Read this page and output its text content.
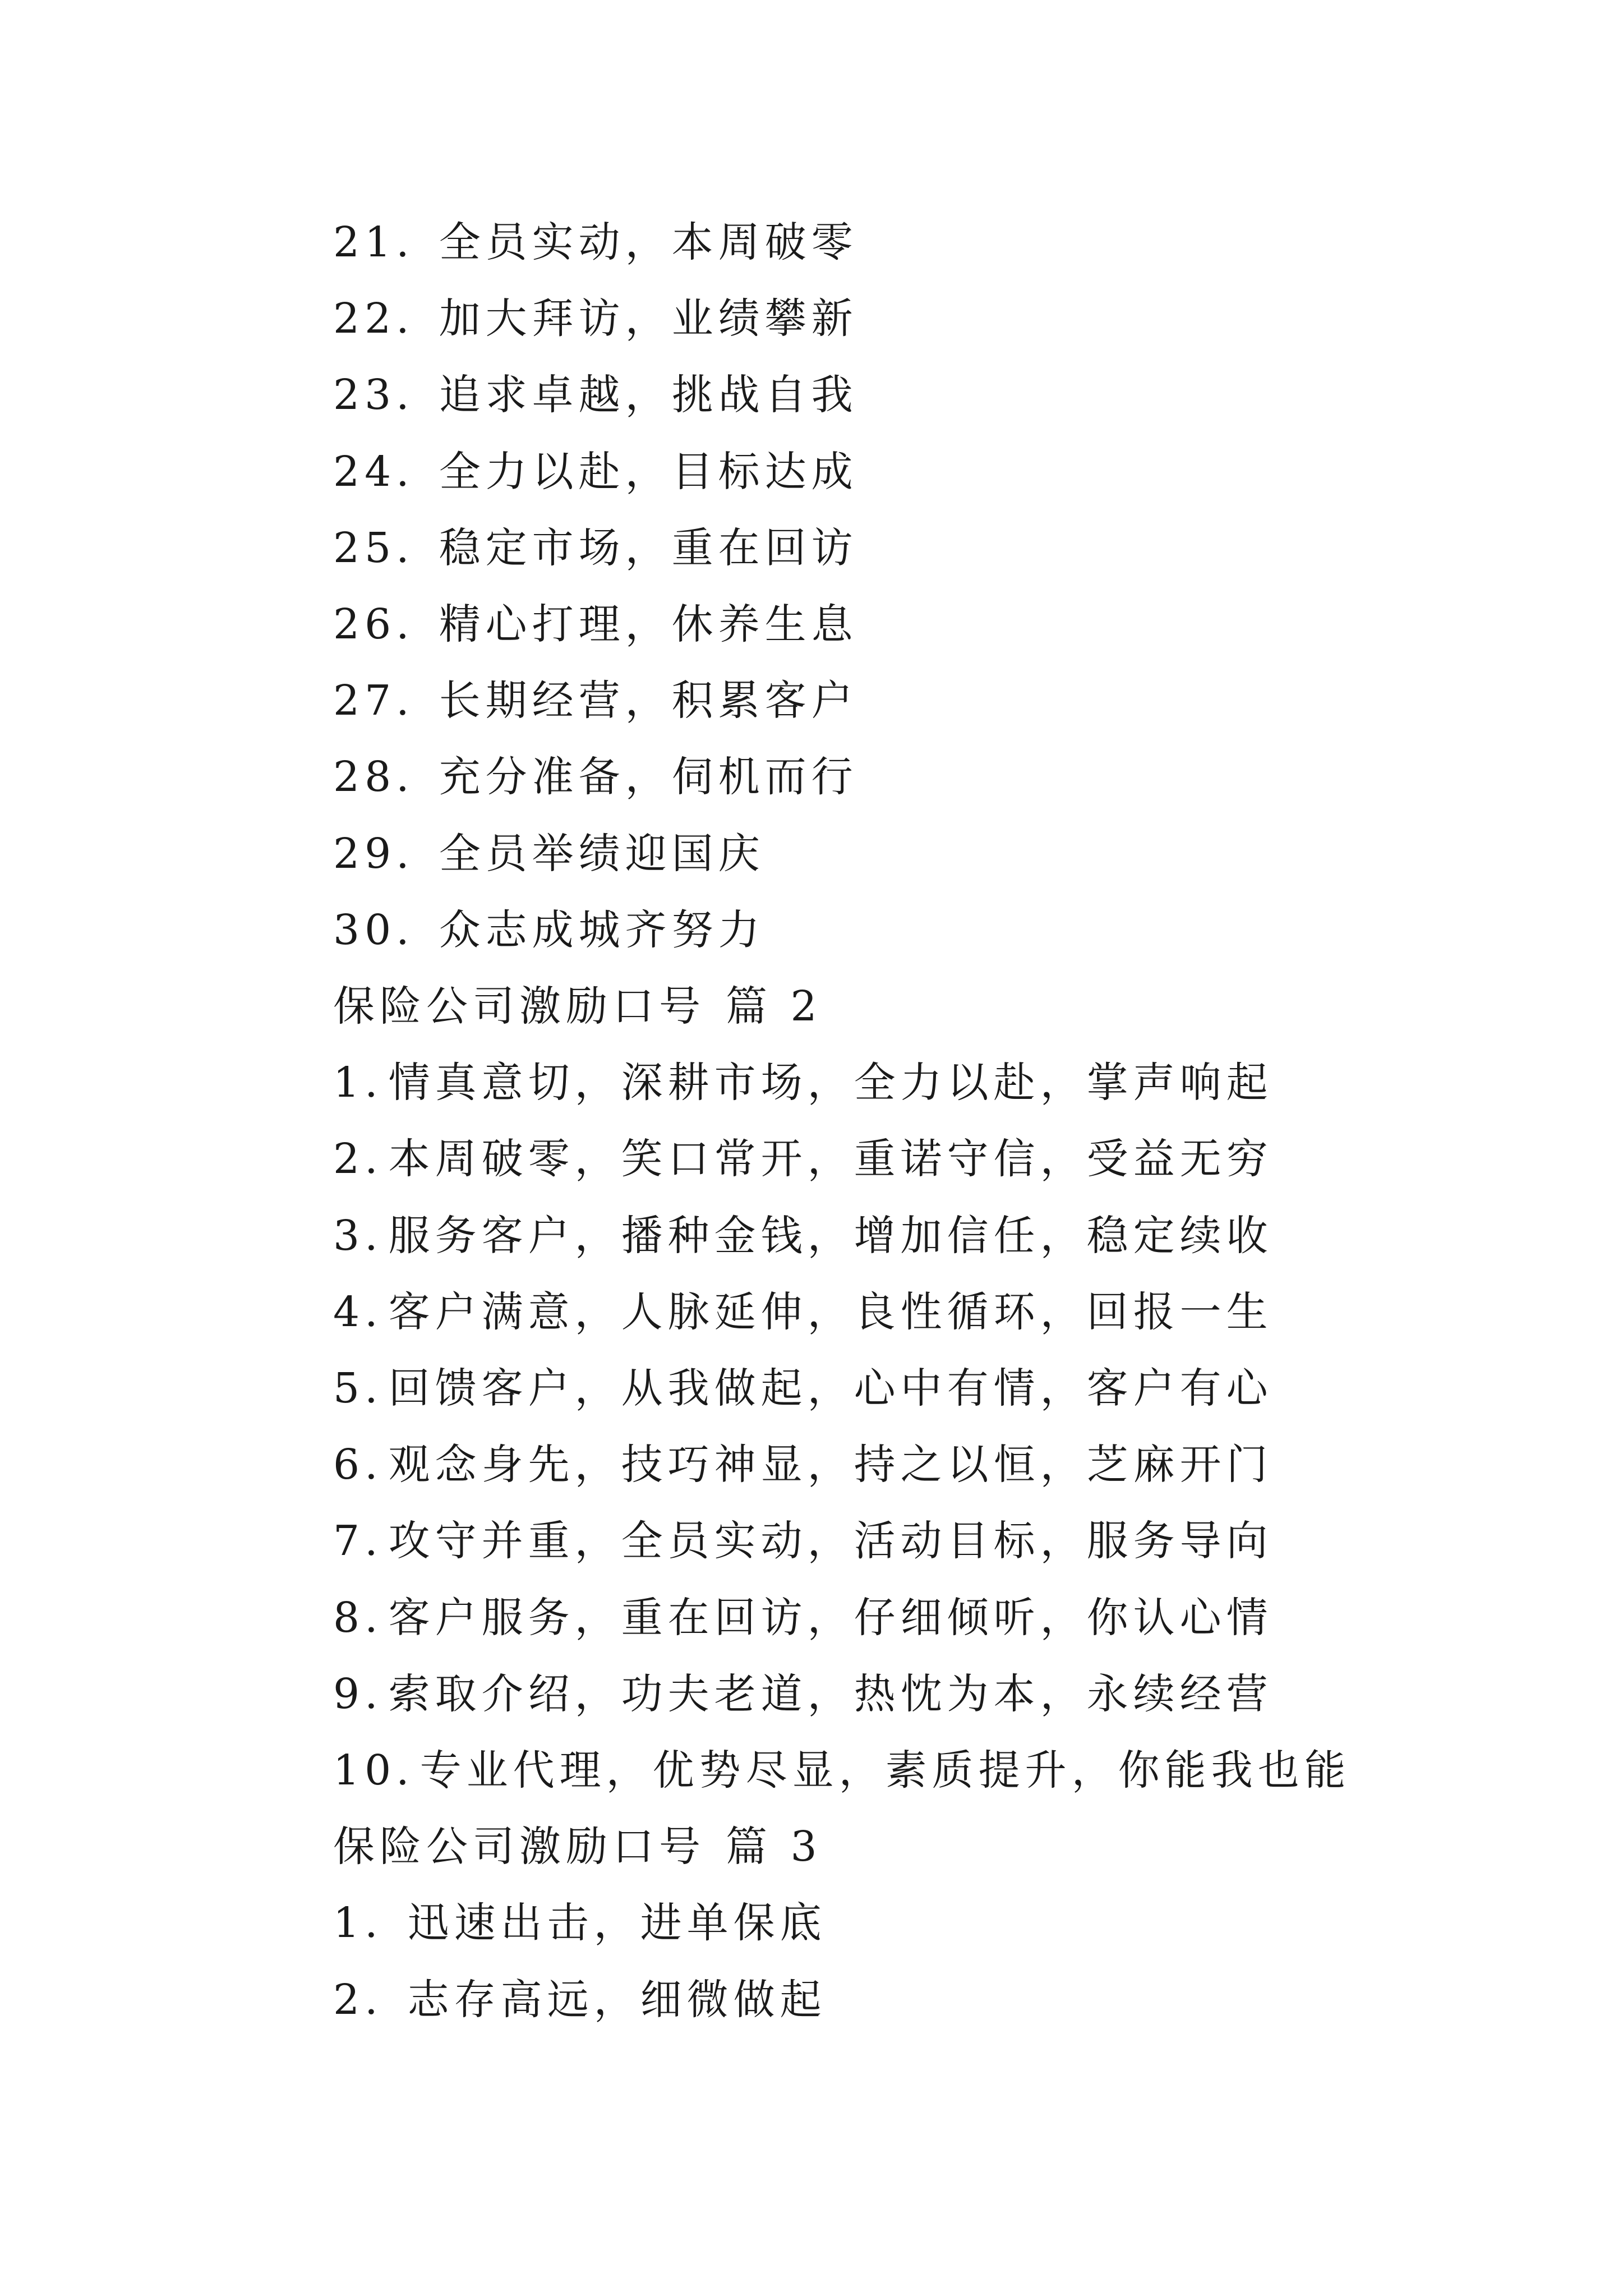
21. 全员实动，本周破零
22. 加大拜访，业绩攀新
23. 追求卓越，挑战自我
24. 全力以赴，目标达成
25. 稳定市场，重在回访
26. 精心打理，休养生息
27. 长期经营，积累客户
28. 充分准备，伺机而行
29. 全员举绩迎国庆
30. 众志成城齐努力
保险公司激励口号 篇 2
1. 情真意切，深耕市场，全力以赴，掌声响起
2. 本周破零，笑口常开，重诺守信，受益无穷
3. 服务客户，播种金钱，增加信任，稳定续收
4. 客户满意，人脉延伸，良性循环，回报一生
5. 回馈客户，从我做起，心中有情，客户有心
6. 观念身先，技巧神显，持之以恒，芝麻开门
7. 攻守并重，全员实动，活动目标，服务导向
8. 客户服务，重在回访，仔细倾听，你认心情
9. 索取介绍，功夫老道，热忱为本，永续经营
10. 专业代理，优势尽显，素质提升，你能我也能
保险公司激励口号 篇 3
1. 迅速出击，进单保底
2. 志存高远，细微做起
